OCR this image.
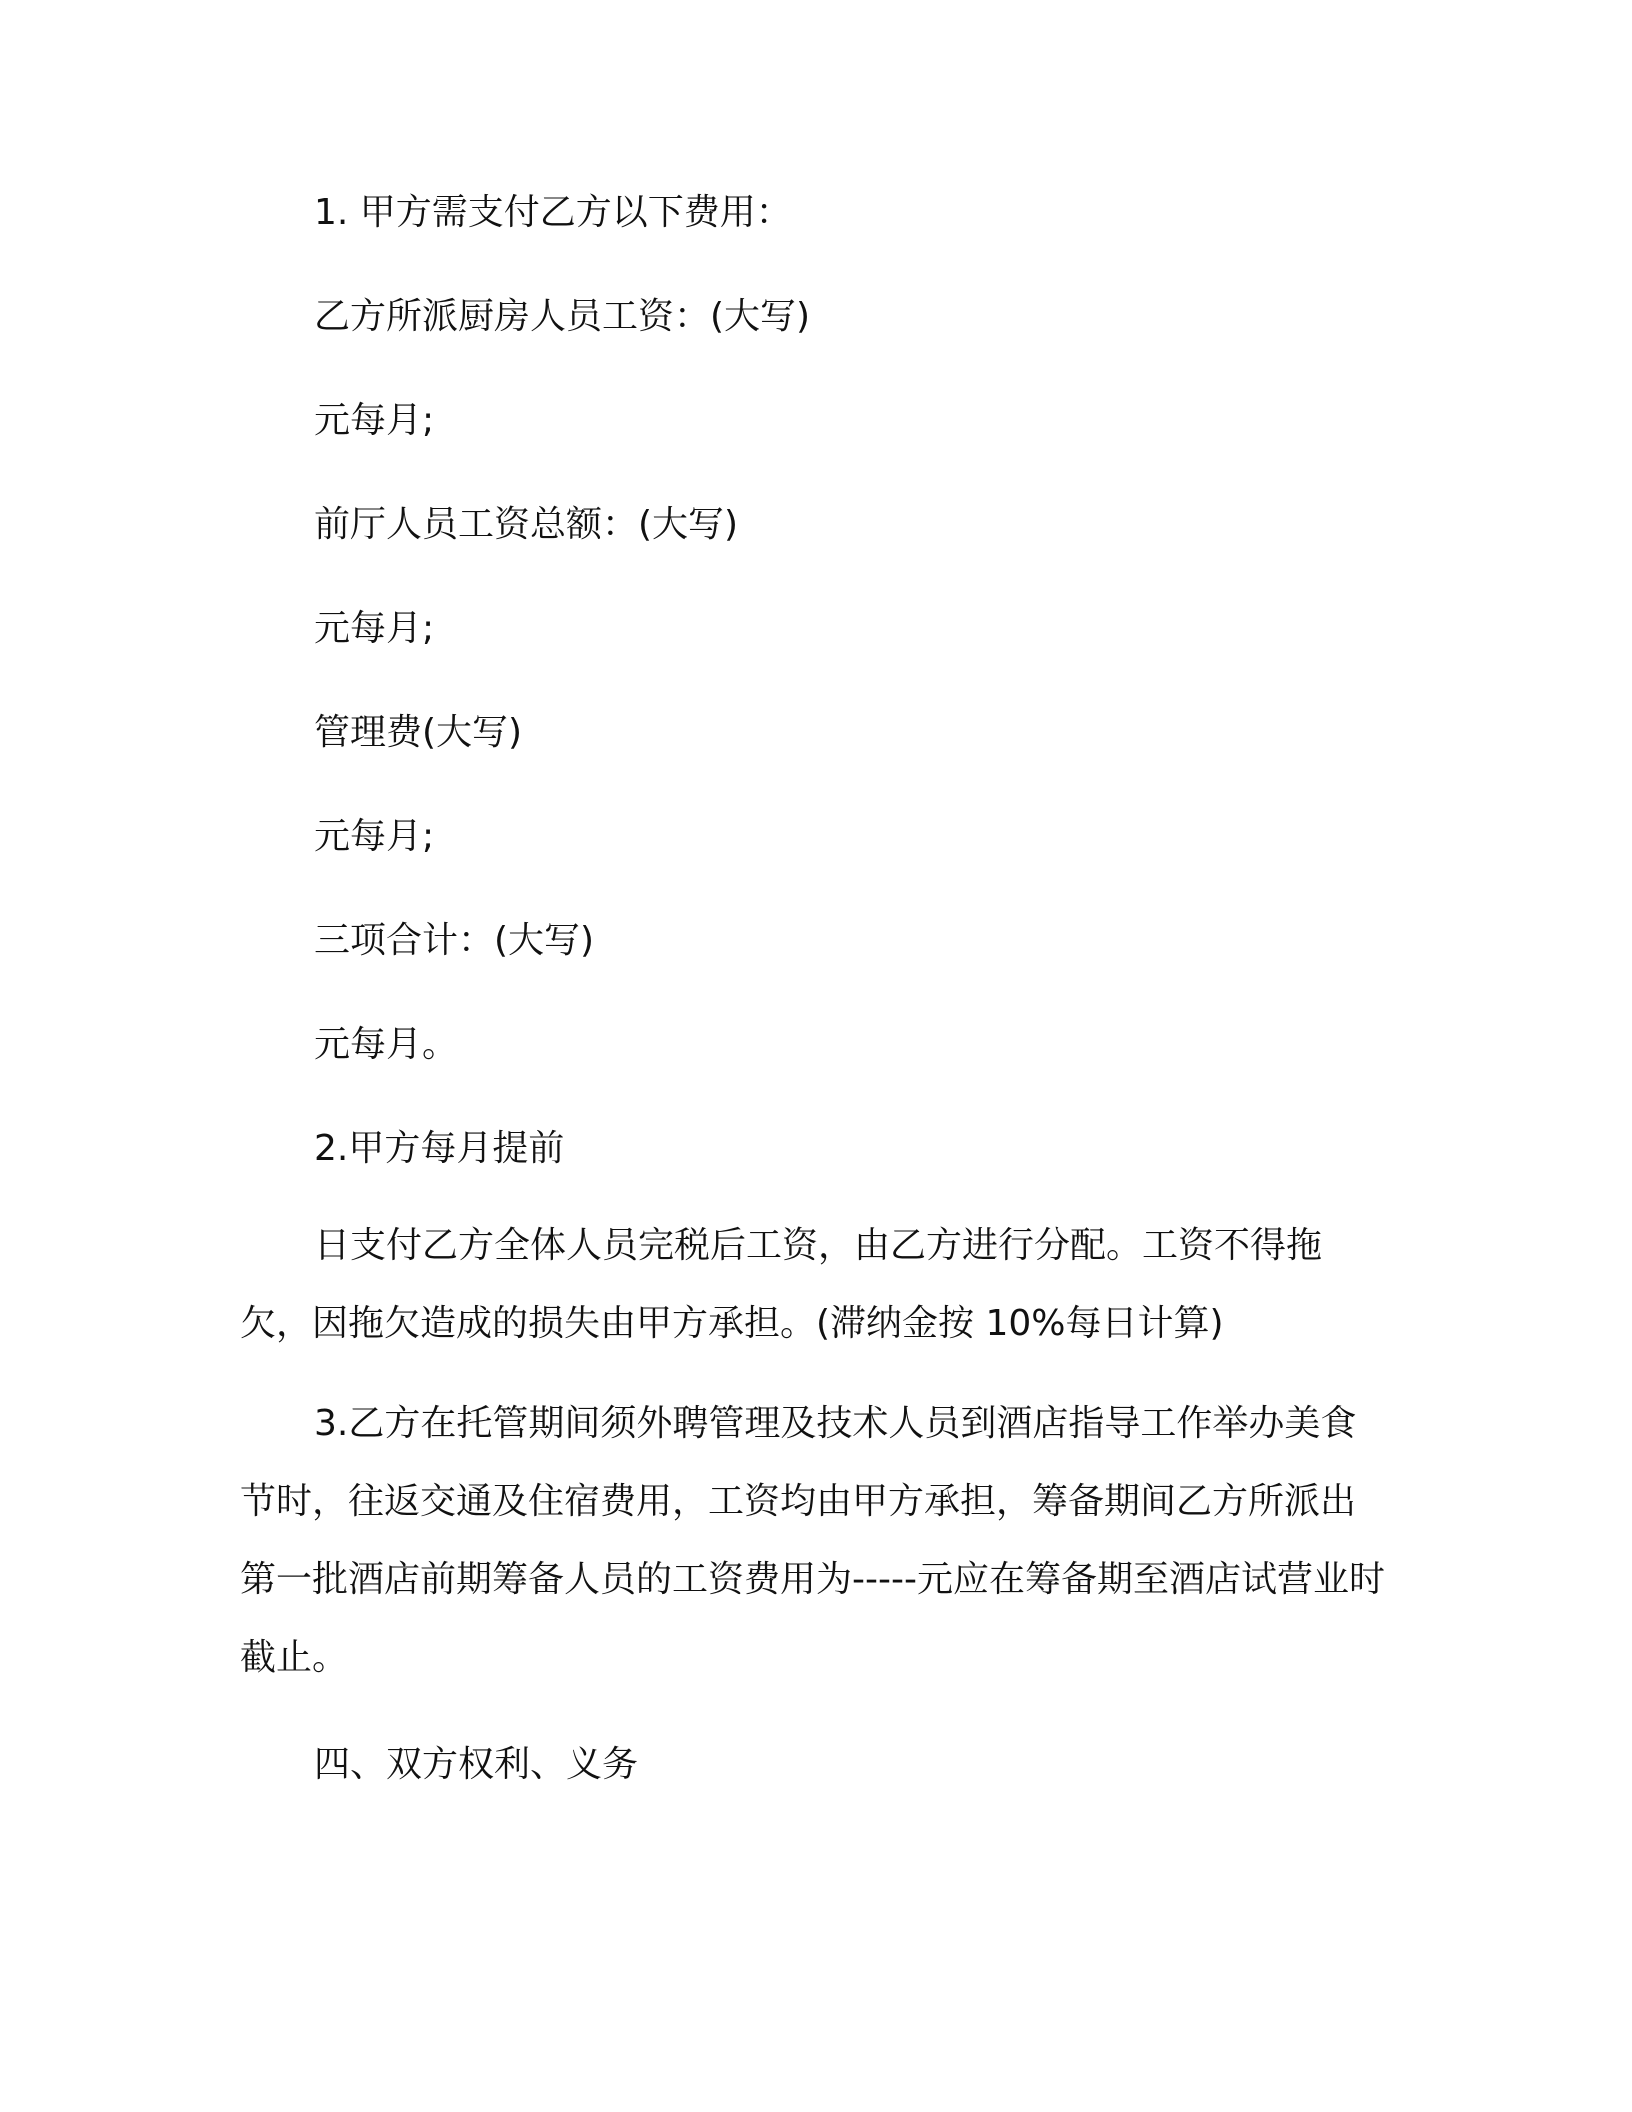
1. 甲方需支付乙方以下费用：

乙方所派厨房人员工资：(大写)

元每月;

前厅人员工资总额：(大写)

元每月;

管理费(大写)

元每月;

三项合计：(大写)

元每月。

2.甲方每月提前

日支付乙方全体人员完税后工资，由乙方进行分配。工资不得拖欠，因拖欠造成的损失由甲方承担。(滞纳金按 10%每日计算)

3.乙方在托管期间须外聘管理及技术人员到酒店指导工作举办美食节时，往返交通及住宿费用，工资均由甲方承担，筹备期间乙方所派出第一批酒店前期筹备人员的工资费用为-----元应在筹备期至酒店试营业时截止。

四、双方权利、义务
